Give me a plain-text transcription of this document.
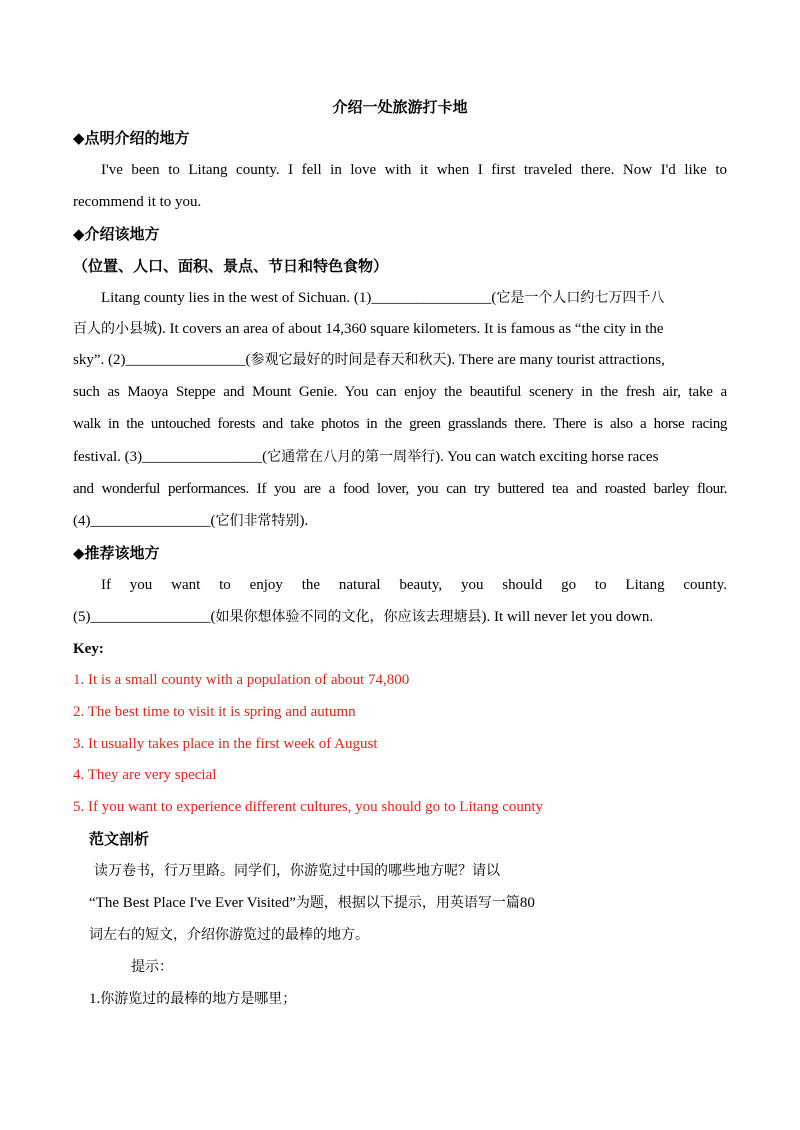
介绍一处旅游打卡地
◆点明介绍的地方
I've been to Litang county. I fell in love with it when I first traveled there. Now I'd like to
recommend it to you.
◆介绍该地方
（位置、人口、面积、景点、节日和特色食物）
Litang county lies in the west of Sichuan. (1)________________(它是一个人口约七万四千八
百人的小县城). It covers an area of about 14,360 square kilometers. It is famous as “the city in the
sky”. (2)________________(参观它最好的时间是春天和秋天). There are many tourist attractions,
such as Maoya Steppe and Mount Genie. You can enjoy the beautiful scenery in the fresh air, take a
walk in the untouched forests and take photos in the green grasslands there. There is also a horse racing
festival. (3)________________(它通常在八月的第一周举行). You can watch exciting horse races
and wonderful performances. If you are a food lover, you can try buttered tea and roasted barley flour.
(4)________________(它们非常特别).
◆推荐该地方
If you want to enjoy the natural beauty, you should go to Litang county.
(5)________________(如果你想体验不同的文化，你应该去理塘县). It will never let you down.
Key:
1. It is a small county with a population of about 74,800
2. The best time to visit it is spring and autumn
3. It usually takes place in the first week of August
4. They are very special
5. If you want to experience different cultures, you should go to Litang county
范文剖析
读万卷书，行万里路。同学们，你游览过中国的哪些地方呢？请以
“The Best Place I've Ever Visited”为题，根据以下提示，用英语写一篇80
词左右的短文，介绍你游览过的最棒的地方。
提示：
1.你游览过的最棒的地方是哪里；
